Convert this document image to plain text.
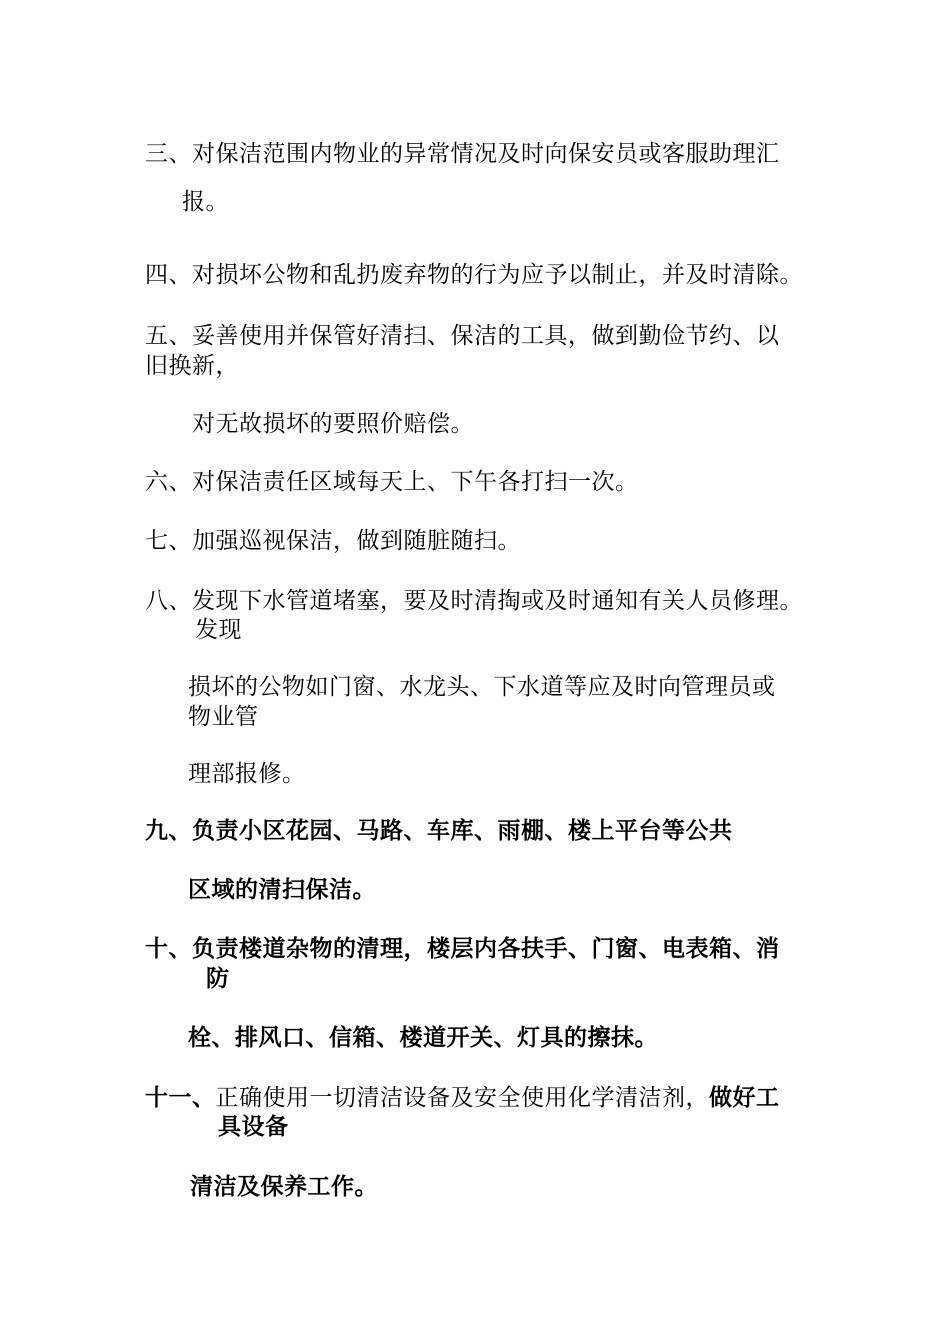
三、对保洁范围内物业的异常情况及时向保安员或客服助理汇
报。
四、对损坏公物和乱扔废弃物的行为应予以制止，并及时清除。
五、妥善使用并保管好清扫、保洁的工具，做到勤俭节约、以
旧换新，
对无故损坏的要照价赔偿。
六、对保洁责任区域每天上、下午各打扫一次。
七、加强巡视保洁，做到随脏随扫。
八、发现下水管道堵塞，要及时清掏或及时通知有关人员修理。
发现
损坏的公物如门窗、水龙头、下水道等应及时向管理员或
物业管
理部报修。
九、负责小区花园、马路、车库、雨棚、楼上平台等公共
区域的清扫保洁。
十、负责楼道杂物的清理，楼层内各扶手、门窗、电表箱、消
防
栓、排风口、信箱、楼道开关、灯具的擦抹。
十一、正确使用一切清洁设备及安全使用化学清洁剂，做好工
具设备
清洁及保养工作。
